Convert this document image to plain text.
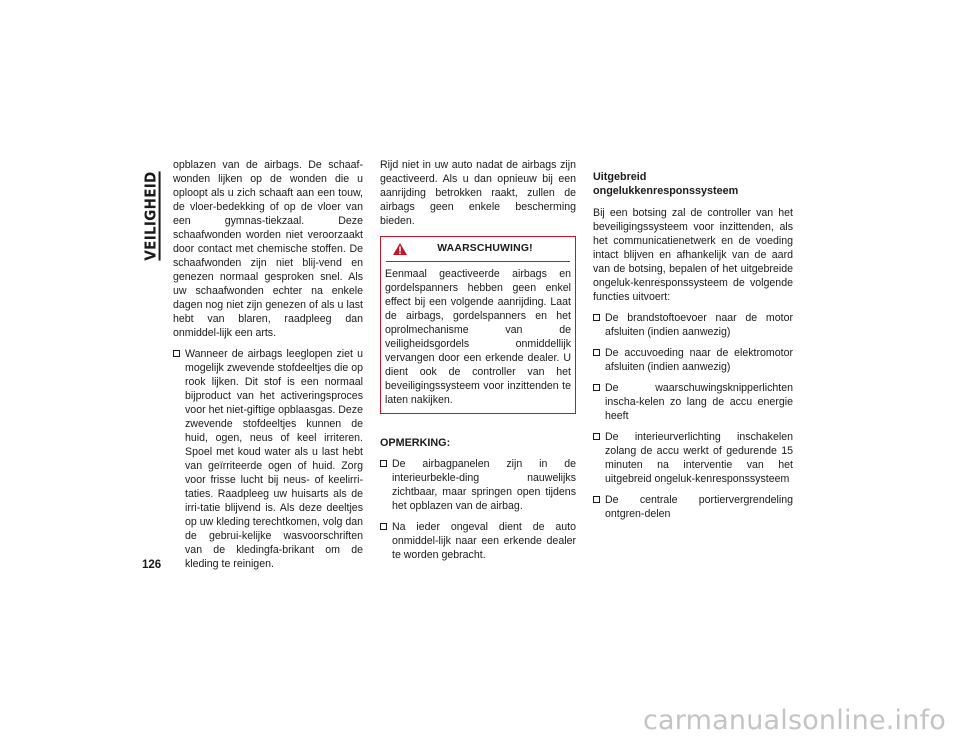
VEILIGHEID
126

opblazen van de airbags. De schaaf-wonden lijken op de wonden die u oploopt als u zich schaaft aan een touw, de vloer-bedekking of op de vloer van een gymnas-tiekzaal. Deze schaafwonden worden niet veroorzaakt door contact met chemische stoffen. De schaafwonden zijn niet blij-vend en genezen normaal gesproken snel. Als uw schaafwonden echter na enkele dagen nog niet zijn genezen of als u last hebt van blaren, raadpleeg dan onmiddel-lijk een arts.

Wanneer de airbags leeglopen ziet u mogelijk zwevende stofdeeltjes die op rook lijken. Dit stof is een normaal bijproduct van het activeringsproces voor het niet-giftige opblaasgas. Deze zwevende stofdeeltjes kunnen de huid, ogen, neus of keel irriteren. Spoel met koud water als u last hebt van geïrriteerde ogen of huid. Zorg voor frisse lucht bij neus- of keelirri-taties. Raadpleeg uw huisarts als de irri-tatie blijvend is. Als deze deeltjes op uw kleding terechtkomen, volg dan de gebrui-kelijke wasvoorschriften van de kledingfa-brikant om de kleding te reinigen.

Rijd niet in uw auto nadat de airbags zijn geactiveerd. Als u dan opnieuw bij een aanrijding betrokken raakt, zullen de airbags geen enkele bescherming bieden.

WAARSCHUWING!

Eenmaal geactiveerde airbags en gordelspanners hebben geen enkel effect bij een volgende aanrijding. Laat de airbags, gordelspanners en het oprolmechanisme van de veiligheidsgordels onmiddellijk vervangen door een erkende dealer. U dient ook de controller van het beveiligingssysteem voor inzittenden te laten nakijken.

OPMERKING:
De airbagpanelen zijn in de interieurbekle-ding nauwelijks zichtbaar, maar springen open tijdens het opblazen van de airbag.
Na ieder ongeval dient de auto onmiddel-lijk naar een erkende dealer te worden gebracht.
Uitgebreid ongelukkenresponssysteem

Bij een botsing zal de controller van het beveiligingssysteem voor inzittenden, als het communicatienetwerk en de voeding intact blijven en afhankelijk van de aard van de botsing, bepalen of het uitgebreide ongeluk-kenresponssysteem de volgende functies uitvoert:

De brandstoftoevoer naar de motor afsluiten (indien aanwezig)
De accuvoeding naar de elektromotor afsluiten (indien aanwezig)
De waarschuwingsknipperlichten inscha-kelen zo lang de accu energie heeft
De interieurverlichting inschakelen zolang de accu werkt of gedurende 15 minuten na interventie van het uitgebreid ongeluk-kenresponssysteem
De centrale portiervergrendeling ontgren-delen
carmanualsonline.info
